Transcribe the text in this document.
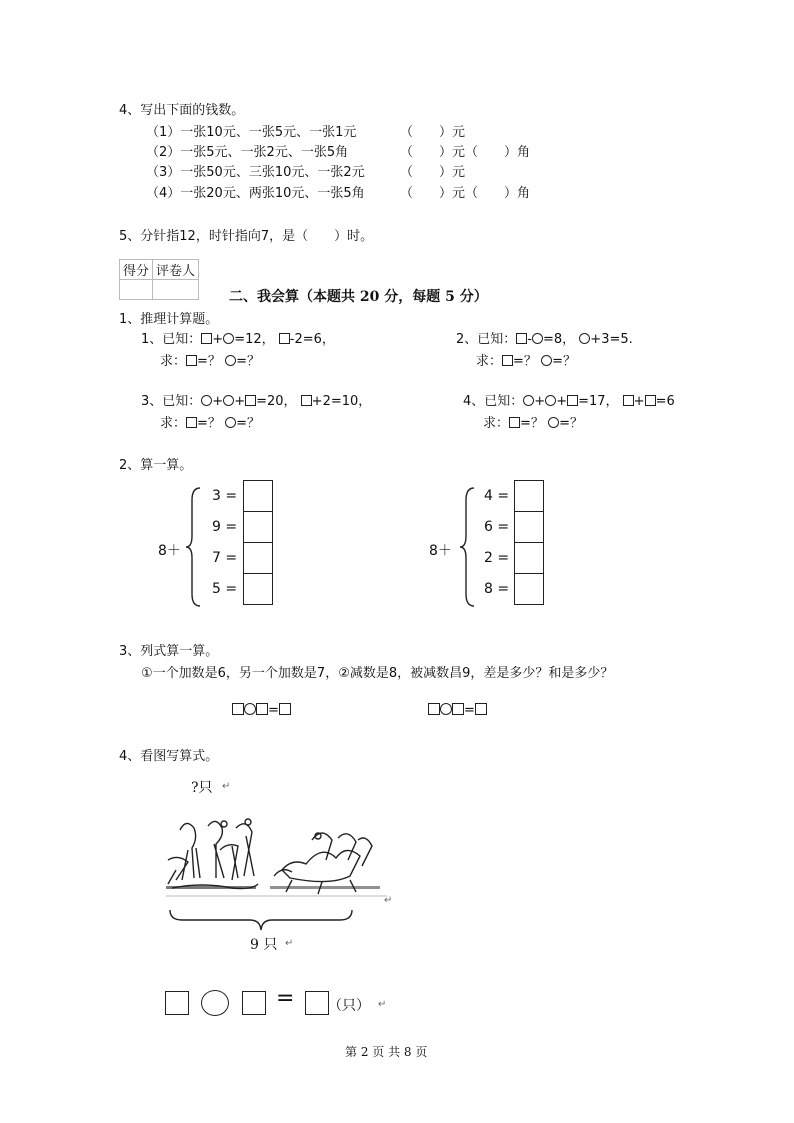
4、写出下面的钱数。
（1）一张10元、一张5元、一张1元	（　　）元
（2）一张5元、一张2元、一张5角	（　　）元（　　）角
（3）一张50元、三张10元、一张2元	（　　）元
（4）一张20元、两张10元、一张5角	（　　）元（　　）角
5、分针指12，时针指向7，是（　　）时。
得分	评卷人

二、我会算（本题共 20 分，每题 5 分）
1、推理计算题。
1、已知： + =12， -2=6，
求： =？ =？
2、已知： - =8， +3=5.
求： =？ =？
3、已知： + + =20， +2=10，
求： =？ =？
4、已知： + + =17， + =6
求： =？ =？
2、算一算。
8＋
3 =
9 =
7 =
5 =
8＋
4 =
6 =
2 =
8 =
3、列式算一算。
①一个加数是6，另一个加数是7，②减数是8，被减数昌9，差是多少？和是多少？
=	=
4、看图写算式。
?只 ↵
↵
9 只 ↵
= （只） ↵
第 2 页 共 8 页
